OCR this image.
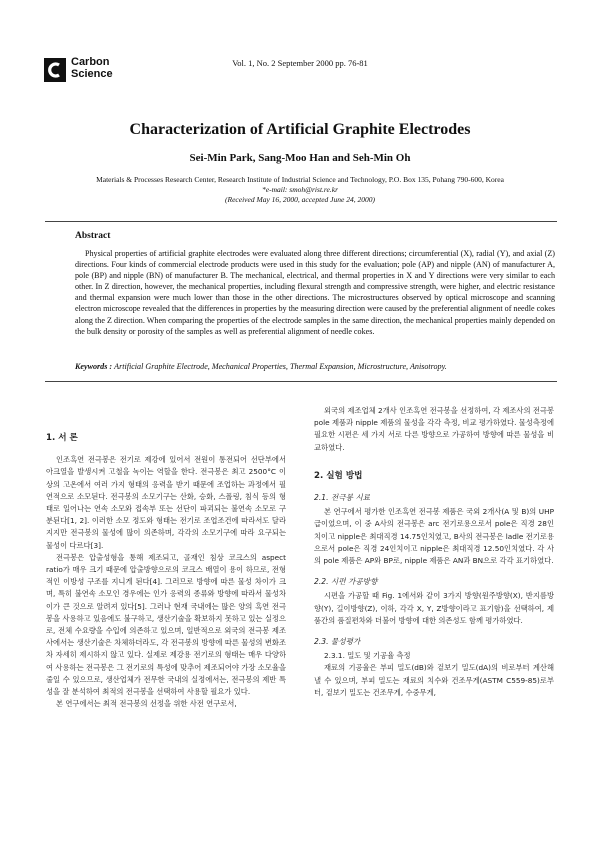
Carbon
Science
Vol. 1, No. 2 September 2000 pp. 76-81
Characterization of Artificial Graphite Electrodes
Sei-Min Park, Sang-Moo Han and Seh-Min Oh
Materials & Processes Research Center, Research Institute of Industrial Science and Technology, P.O. Box 135, Pohang 790-600, Korea
*e-mail: smoh@rist.re.kr
(Received May 16, 2000, accepted June 24, 2000)
Abstract
Physical properties of artificial graphite electrodes were evaluated along three different directions; circumferential (X), radial (Y), and axial (Z) directions. Four kinds of commercial electrode products were used in this study for the evaluation; pole (AP) and nipple (AN) of manufacturer A, pole (BP) and nipple (BN) of manufacturer B. The mechanical, electrical, and thermal properties in X and Y directions were very similar to each other. In Z direction, however, the mechanical properties, including flexural strength and compressive strength, were higher, and electric resistance and thermal expansion were much lower than those in the other directions. The microstructures observed by optical microscope and scanning electron microscope revealed that the differences in properties by the measuring direction were caused by the preferential alignment of needle cokes along the Z direction. When comparing the properties of the electrode samples in the same direction, the mechanical properties mainly depended on the bulk density or porosity of the samples as well as preferential alignment of needle cokes.
Keywords : Artificial Graphite Electrode, Mechanical Properties, Thermal Expansion, Microstructure, Anisotropy.
1. 서 론

인조흑연 전극봉은 전기로 제강에 있어서 전원이 통전되어 선단부에서 아크열을 발생시켜 고철을 녹이는 역할을 한다. 전극봉은 최고 2500°C 이상의 고온에서 여러 가지 형태의 응력을 받기 때문에 조업하는 과정에서 필연적으로 소모된다. 전극봉의 소모기구는 산화, 승화, 스폴링, 침식 등의 형태로 일어나는 연속 소모와 접속부 또는 선단이 파괴되는 불연속 소모로 구분된다[1, 2]. 이러한 소모 정도와 형태는 전기로 조업조건에 따라서도 달라지지만 전극봉의 물성에 많이 의존하며, 각각의 소모기구에 따라 요구되는 물성이 다르다[3].

전극봉은 압출성형을 통해 제조되고, 골재인 침상 코크스의 aspect ratio가 매우 크기 때문에 압출방향으로의 코크스 배열이 용이 하므로, 전형적인 이방성 구조를 지니게 된다[4]. 그러므로 방향에 따른 물성 차이가 크며, 특히 불연속 소모인 경우에는 인가 응력의 종류와 방향에 따라서 물성차이가 큰 것으로 알려져 있다[5]. 그러나 현재 국내에는 많은 양의 흑연 전극봉을 사용하고 있음에도 불구하고, 생산기술을 확보하지 못하고 있는 실정으로, 전체 수요량을 수입에 의존하고 있으며, 일반적으로 외국의 전극봉 제조사에서는 생산기술은 차체하더라도, 각 전극봉의 방향에 따른 물성의 변화조차 자세히 제시하지 않고 있다. 실제로 제강용 전기로의 형태는 매우 다양하여 사용하는 전극봉은 그 전기로의 특성에 맞추어 제조되어야 가장 소모율을 줄일 수 있으므로, 생산업체가 전무한 국내의 실정에서는, 전극봉의 제반 특성을 잘 분석하여 최적의 전극봉을 선택하여 사용할 필요가 있다.

본 연구에서는 최적 전극봉의 선정을 위한 사전 연구로서,

외국의 제조업체 2개사 인조흑연 전극봉을 선정하여, 각 제조사의 전극봉 pole 제품과 nipple 제품의 물성을 각각 측정, 비교 평가하였다. 물성측정에 필요한 시편은 세 가지 서로 다른 방향으로 가공하여 방향에 따른 물성을 비교하였다.

2. 실험 방법
2.1. 전극봉 시료

본 연구에서 평가한 인조흑연 전극봉 제품은 국외 2개사(A 및 B)의 UHP급이었으며, 이 중 A사의 전극봉은 arc 전기로용으로서 pole은 직경 28인치이고 nipple은 최대직경 14.75인치였고, B사의 전극봉은 ladle 전기로용으로서 pole은 직경 24인치이고 nipple은 최대직경 12.50인치였다. 각 사의 pole 제품은 AP와 BP로, nipple 제품은 AN과 BN으로 각각 표기하였다.

2.2. 시편 가공방향

시편을 가공할 때 Fig. 1에서와 같이 3가지 방향(원주방향(X), 반지름방향(Y), 길이방향(Z), 이하, 각각 X, Y, Z방향이라고 표기함)을 선택하여, 제품간의 품질편차와 더불어 방향에 대한 의존성도 함께 평가하였다.

2.3. 물성평가

2.3.1. 밀도 및 기공율 측정

재료의 기공율은 부피 밀도(dB)와 겉보기 밀도(dA)의 비로부터 계산해 낼 수 있으며, 부피 밀도는 재료의 치수와 건조무게(ASTM C559-85)로부터, 겉보기 밀도는 건조무게, 수중무게,
